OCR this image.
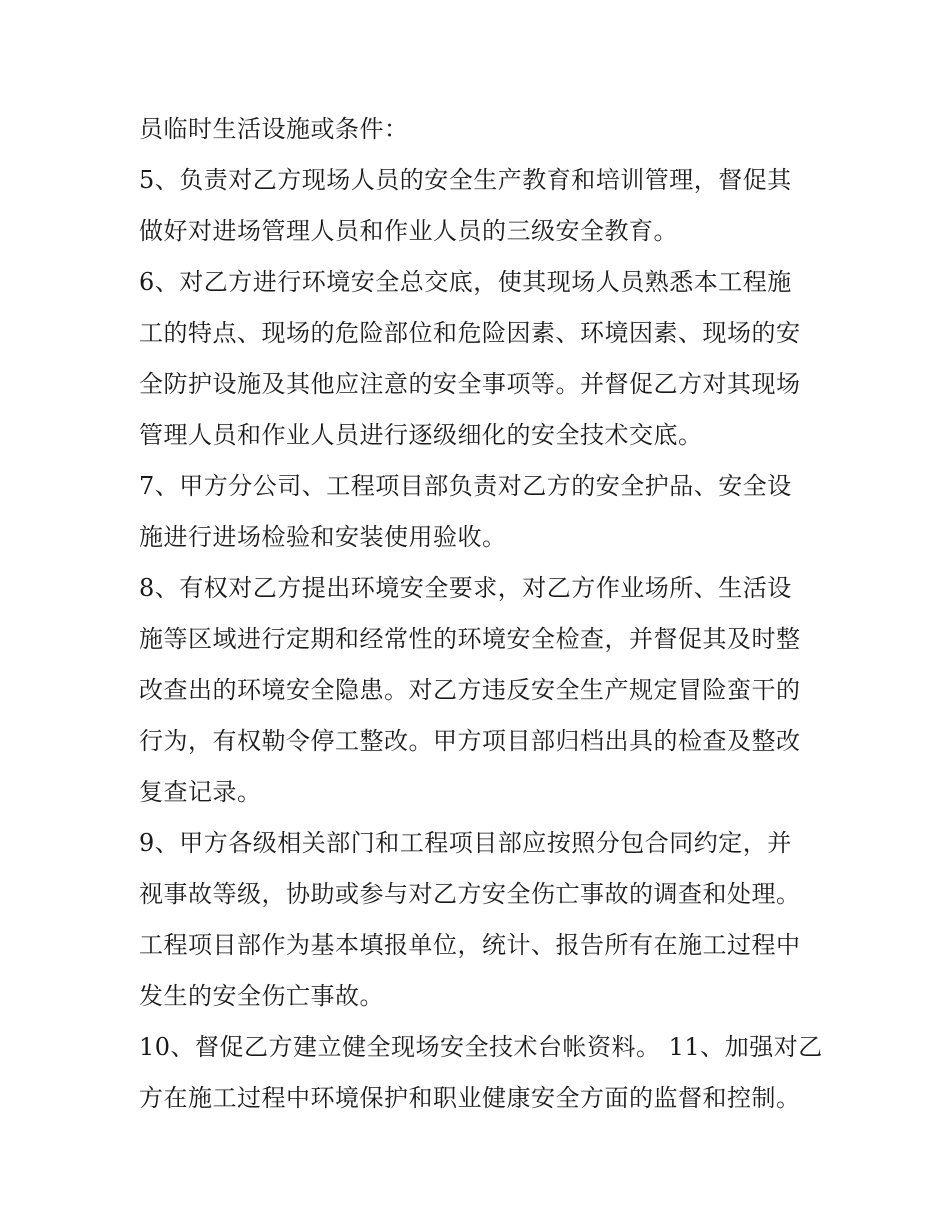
员临时生活设施或条件：
5、负责对乙方现场人员的安全生产教育和培训管理，督促其
做好对进场管理人员和作业人员的三级安全教育。
6、对乙方进行环境安全总交底，使其现场人员熟悉本工程施
工的特点、现场的危险部位和危险因素、环境因素、现场的安
全防护设施及其他应注意的安全事项等。并督促乙方对其现场
管理人员和作业人员进行逐级细化的安全技术交底。
7、甲方分公司、工程项目部负责对乙方的安全护品、安全设
施进行进场检验和安装使用验收。
8、有权对乙方提出环境安全要求，对乙方作业场所、生活设
施等区域进行定期和经常性的环境安全检查，并督促其及时整
改查出的环境安全隐患。对乙方违反安全生产规定冒险蛮干的
行为，有权勒令停工整改。甲方项目部归档出具的检查及整改
复查记录。
9、甲方各级相关部门和工程项目部应按照分包合同约定，并
视事故等级，协助或参与对乙方安全伤亡事故的调查和处理。
工程项目部作为基本填报单位，统计、报告所有在施工过程中
发生的安全伤亡事故。
10、督促乙方建立健全现场安全技术台帐资料。 11、加强对乙
方在施工过程中环境保护和职业健康安全方面的监督和控制。
